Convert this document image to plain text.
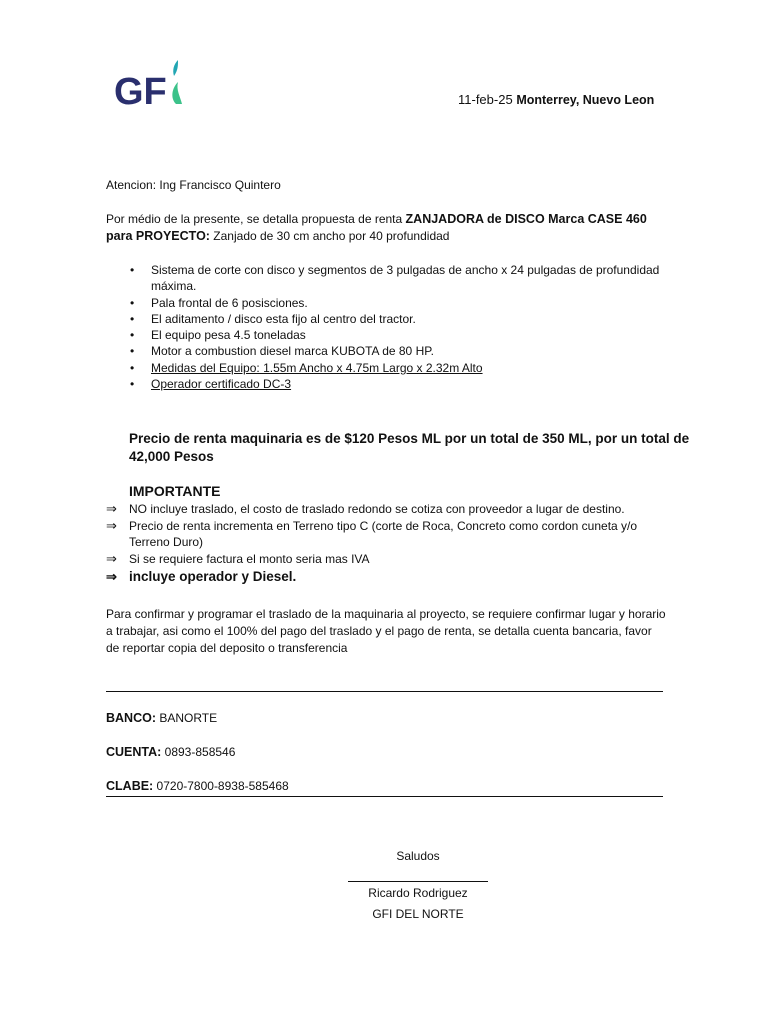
GF	11-feb-25 Monterrey, Nuevo Leon
Atencion: Ing Francisco Quintero
Por médio de la presente, se detalla propuesta de renta ZANJADORA de DISCO Marca CASE 460 para PROYECTO: Zanjado de 30 cm ancho por 40 profundidad
• Sistema de corte con disco y segmentos de 3 pulgadas de ancho x 24 pulgadas de profundidad máxima.
• Pala frontal de 6 posisciones.
• El aditamento / disco esta fijo al centro del tractor.
• El equipo pesa 4.5 toneladas
• Motor a combustion diesel marca KUBOTA de 80 HP.
• Medidas del Equipo: 1.55m Ancho x 4.75m Largo x 2.32m Alto
• Operador certificado DC-3
Precio de renta maquinaria es de $120 Pesos ML por un total de 350 ML, por un total de 42,000 Pesos
IMPORTANTE
⇒ NO incluye traslado, el costo de traslado redondo se cotiza con proveedor a lugar de destino.
⇒ Precio de renta incrementa en Terreno tipo C (corte de Roca, Concreto como cordon cuneta y/o Terreno Duro)
⇒ Si se requiere factura el monto seria mas IVA
⇒ incluye operador y Diesel.
Para confirmar y programar el traslado de la maquinaria al proyecto, se requiere confirmar lugar y horario a trabajar, asi como el 100% del pago del traslado y el pago de renta, se detalla cuenta bancaria, favor de reportar copia del deposito o transferencia
BANCO: BANORTE
CUENTA: 0893-858546
CLABE: 0720-7800-8938-585468
Saludos
Ricardo Rodriguez
GFI DEL NORTE
